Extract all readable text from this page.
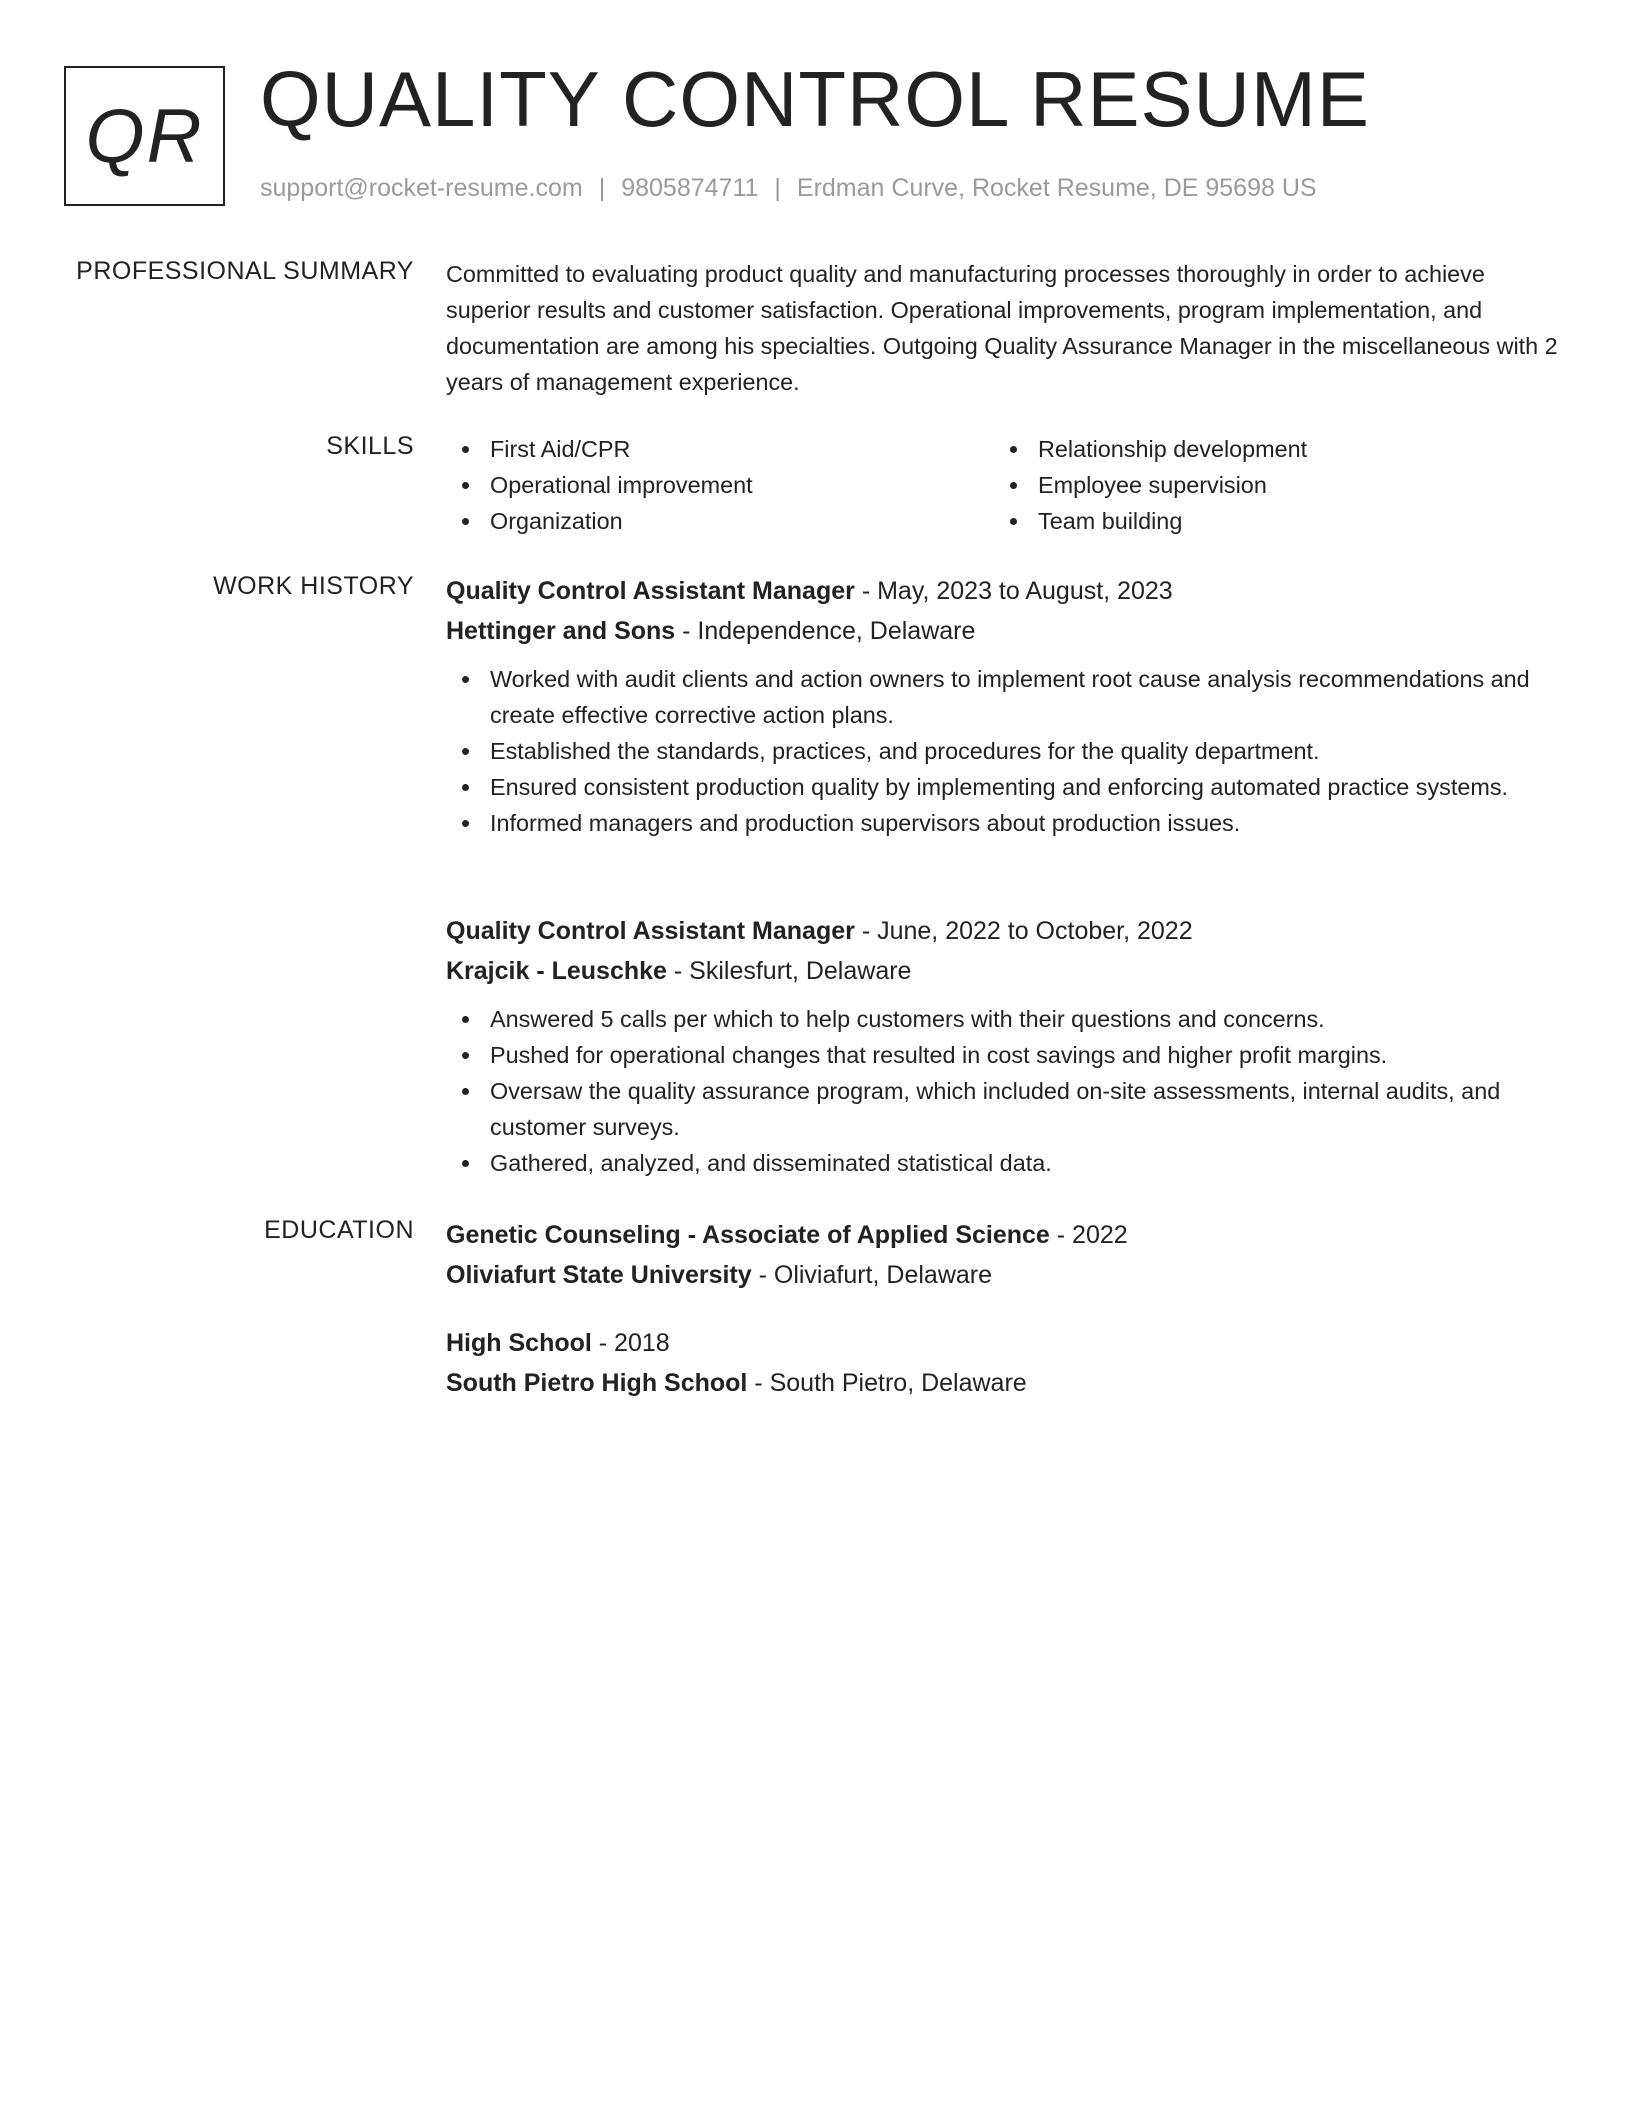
QR QUALITY CONTROL RESUME
support@rocket-resume.com | 9805874711 | Erdman Curve, Rocket Resume, DE 95698 US
PROFESSIONAL SUMMARY Committed to evaluating product quality and manufacturing processes thoroughly in order to achieve superior results and customer satisfaction. Operational improvements, program implementation, and documentation are among his specialties. Outgoing Quality Assurance Manager in the miscellaneous with 2 years of management experience.

SKILLS	First Aid/CPR
Operational improvement
Organization
Relationship development
Employee supervision
Team building
WORK HISTORY Quality Control Assistant Manager - May, 2023 to August, 2023
Hettinger and Sons - Independence, Delaware
Worked with audit clients and action owners to implement root cause analysis recommendations and create effective corrective action plans.
Established the standards, practices, and procedures for the quality department.
Ensured consistent production quality by implementing and enforcing automated practice systems.
Informed managers and production supervisors about production issues.
Quality Control Assistant Manager - June, 2022 to October, 2022
Krajcik - Leuschke - Skilesfurt, Delaware
Answered 5 calls per which to help customers with their questions and concerns.
Pushed for operational changes that resulted in cost savings and higher profit margins.
Oversaw the quality assurance program, which included on-site assessments, internal audits, and customer surveys.
Gathered, analyzed, and disseminated statistical data.
EDUCATION Genetic Counseling - Associate of Applied Science - 2022
Oliviafurt State University - Oliviafurt, Delaware
High School - 2018
South Pietro High School - South Pietro, Delaware
